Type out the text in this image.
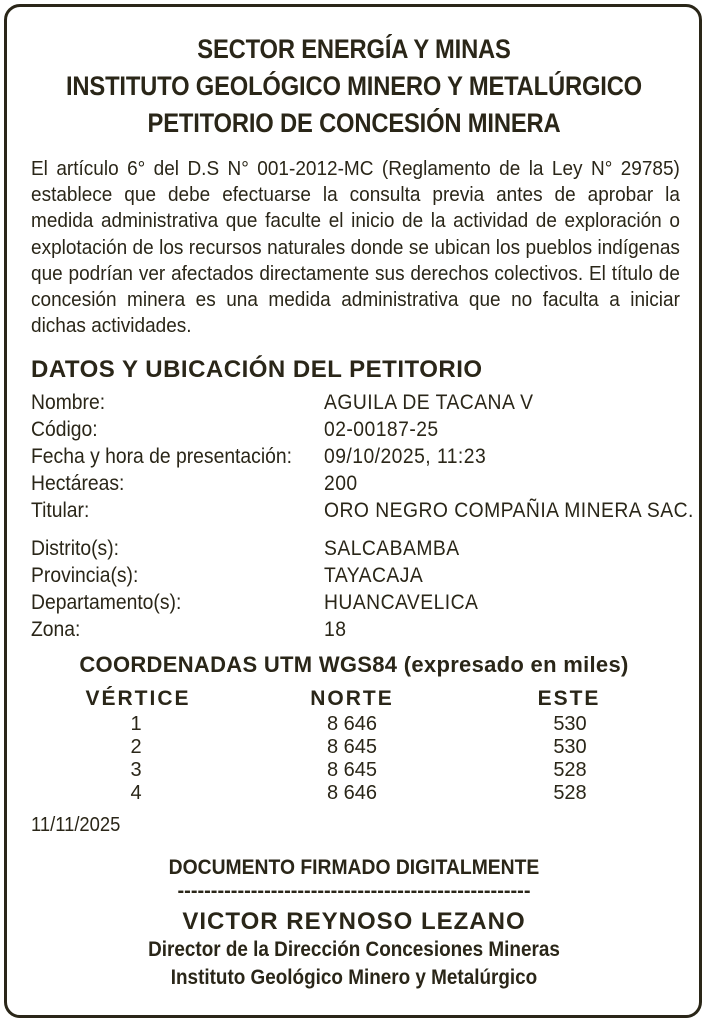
SECTOR ENERGÍA Y MINAS
INSTITUTO GEOLÓGICO MINERO Y METALÚRGICO
PETITORIO DE CONCESIÓN MINERA
El artículo 6° del D.S N° 001-2012-MC (Reglamento de la Ley N° 29785) establece que debe efectuarse la consulta previa antes de aprobar la medida administrativa que faculte el inicio de la actividad de exploración o explotación de los recursos naturales donde se ubican los pueblos indígenas que podrían ver afectados directamente sus derechos colectivos. El título de concesión minera es una medida administrativa que no faculta a iniciar dichas actividades.
DATOS Y UBICACIÓN DEL PETITORIO
Nombre:	AGUILA DE TACANA V
Código:	02-00187-25
Fecha y hora de presentación: 09/10/2025, 11:23
Hectáreas:	200
Titular:	ORO NEGRO COMPAÑIA MINERA SAC.
Distrito(s):	SALCABAMBA
Provincia(s):	TAYACAJA
Departamento(s):	HUANCAVELICA
Zona:	18
COORDENADAS UTM WGS84 (expresado en miles)
VÉRTICE	NORTE	ESTE
1	8 646	530
2	8 645	530
3	8 645	528
4	8 646	528
11/11/2025
DOCUMENTO FIRMADO DIGITALMENTE
-----------------------------------------------------
VICTOR REYNOSO LEZANO
Director de la Dirección Concesiones Mineras
Instituto Geológico Minero y Metalúrgico
